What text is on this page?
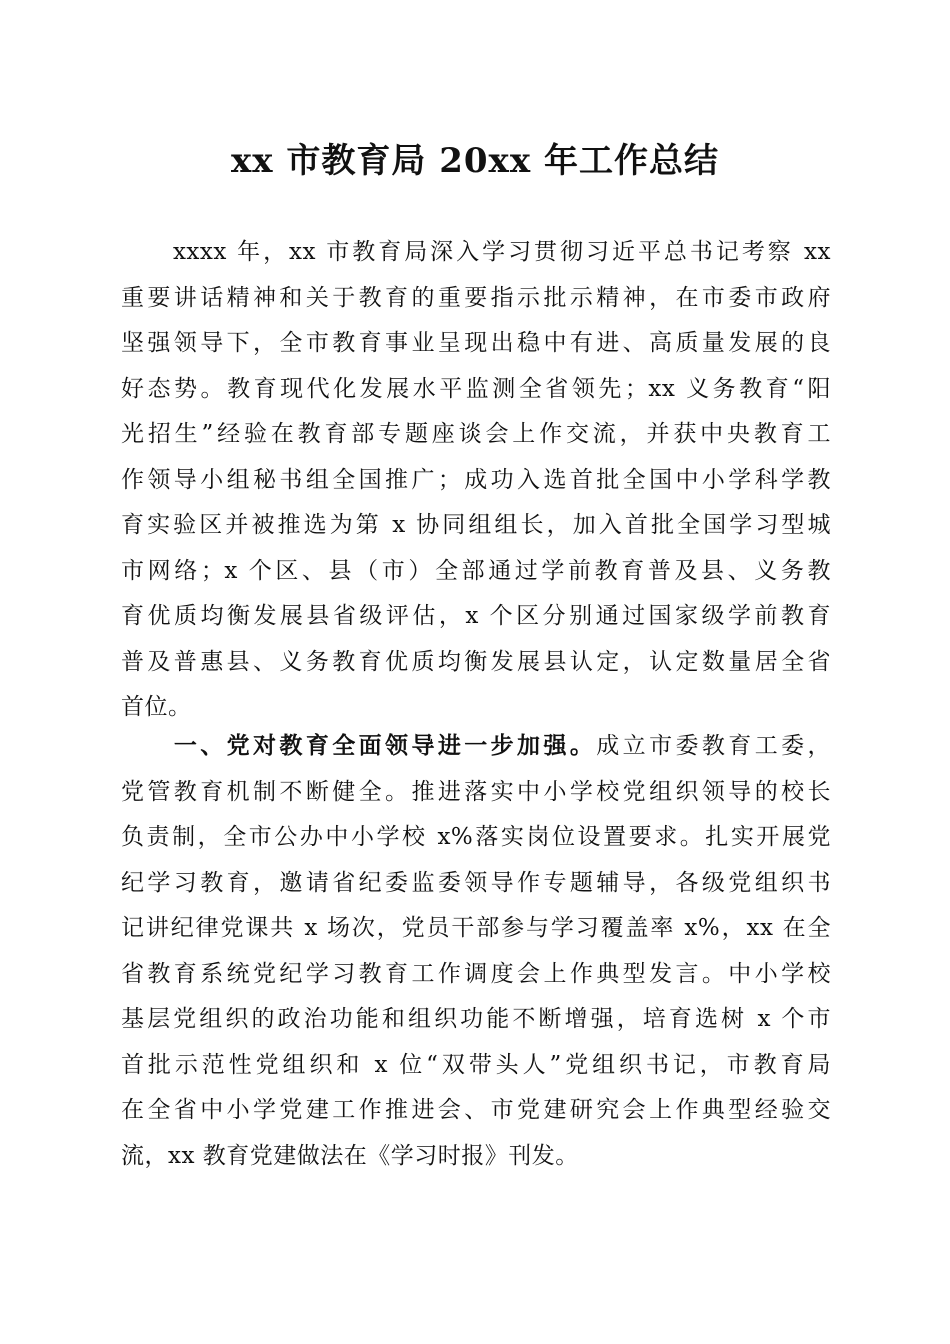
xx 市教育局 20xx 年工作总结
　　xxxx 年，xx 市教育局深入学习贯彻习近平总书记考察 xx
重要讲话精神和关于教育的重要指示批示精神，在市委市政府
坚强领导下，全市教育事业呈现出稳中有进、高质量发展的良
好态势。教育现代化发展水平监测全省领先；xx 义务教育“阳
光招生”经验在教育部专题座谈会上作交流，并获中央教育工
作领导小组秘书组全国推广；成功入选首批全国中小学科学教
育实验区并被推选为第 x 协同组组长，加入首批全国学习型城
市网络；x 个区、县（市）全部通过学前教育普及县、义务教
育优质均衡发展县省级评估，x 个区分别通过国家级学前教育
普及普惠县、义务教育优质均衡发展县认定，认定数量居全省
首位。
　　一、党对教育全面领导进一步加强。成立市委教育工委，
党管教育机制不断健全。推进落实中小学校党组织领导的校长
负责制，全市公办中小学校 x%落实岗位设置要求。扎实开展党
纪学习教育，邀请省纪委监委领导作专题辅导，各级党组织书
记讲纪律党课共 x 场次，党员干部参与学习覆盖率 x%，xx 在全
省教育系统党纪学习教育工作调度会上作典型发言。中小学校
基层党组织的政治功能和组织功能不断增强，培育选树 x 个市
首批示范性党组织和 x 位“双带头人”党组织书记，市教育局
在全省中小学党建工作推进会、市党建研究会上作典型经验交
流，xx 教育党建做法在《学习时报》刊发。
